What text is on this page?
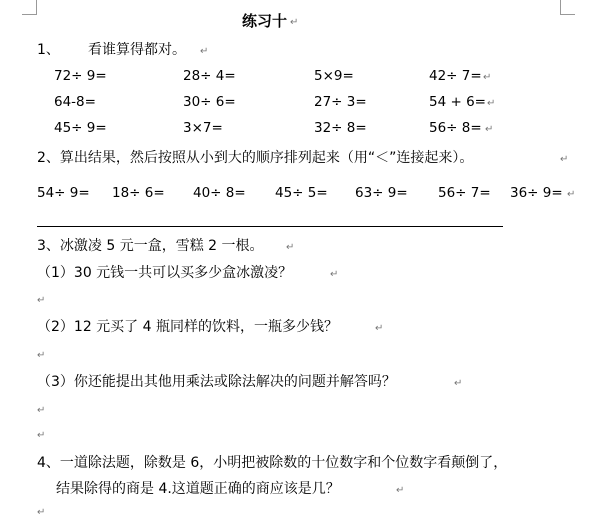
练习十 ↵
1、 看谁算得都对。 ↵
72÷ 9=	28÷ 4=	5×9=	42÷ 7= ↵
64-8=	30÷ 6=	27÷ 3=	54 + 6= ↵
45÷ 9=	3×7=	32÷ 8=	56÷ 8= ↵
2、算出结果，然后按照从小到大的顺序排列起来（用“＜”连接起来）。	↵
54÷ 9= 18÷ 6= 40÷ 8= 45÷ 5= 63÷ 9= 56÷ 7= 36÷ 9= ↵
3、冰激凌 5 元一盒，雪糕 2 一根。 ↵
（1）30 元钱一共可以买多少盒冰激凌？	↵
↵
（2）12 元买了 4 瓶同样的饮料，一瓶多少钱？	↵
↵
（3）你还能提出其他用乘法或除法解决的问题并解答吗？	↵
↵
↵
4、一道除法题，除数是 6，小明把被除数的十位数字和个位数字看颠倒了，
结果除得的商是 4.这道题正确的商应该是几？	↵
↵
